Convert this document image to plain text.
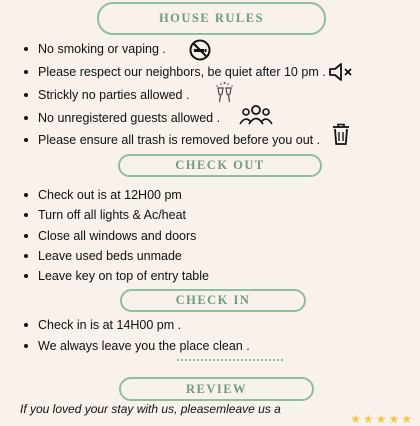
HOUSE RULES
No smoking or vaping .
Please respect our neighbors, be quiet after 10 pm .
Strickly no parties allowed .
No unregistered guests allowed .
Please ensure all trash is removed before you out .
CHECK OUT
Check out is at 12H00 pm
Turn off all lights & Ac/heat
Close all windows and doors
Leave used beds unmade
Leave key on top of entry table
CHECK IN
Check in is at 14H00 pm .
We always leave you the place clean .
REVIEW
If you loved your stay with us, pleasemleave us a
★★★★★
